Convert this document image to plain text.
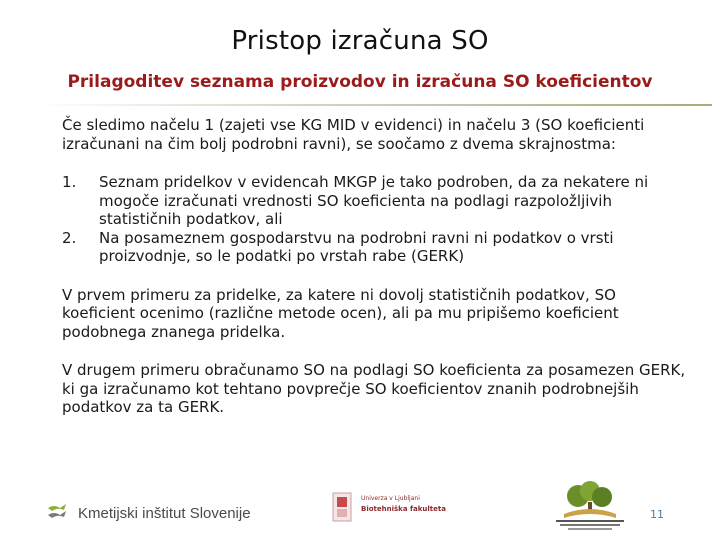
Pristop izračuna SO
Prilagoditev seznama proizvodov in izračuna SO koeficientov

Če sledimo načelu 1 (zajeti vse KG MID v evidenci) in načelu 3 (SO koeficienti izračunani na čim bolj podrobni ravni), se soočamo z dvema skrajnostma:

1. Seznam pridelkov v evidencah MKGP je tako podroben, da za nekatere ni mogoče izračunati vrednosti SO koeficienta na podlagi razpoložljivih statističnih podatkov, ali
2. Na posameznem gospodarstvu na podrobni ravni ni podatkov o vrsti proizvodnje, so le podatki po vrstah rabe (GERK)

V prvem primeru za pridelke, za katere ni dovolj statističnih podatkov, SO koeficient ocenimo (različne metode ocen), ali pa mu pripišemo koeficient podobnega znanega pridelka.

V drugem primeru obračunamo SO na podlagi SO koeficienta za posamezen GERK, ki ga izračunamo kot tehtano povprečje SO koeficientov znanih podrobnejših podatkov za ta GERK.

Kmetijski inštitut Slovenije
Univerza v Ljubljani
Biotehniška fakulteta	11
